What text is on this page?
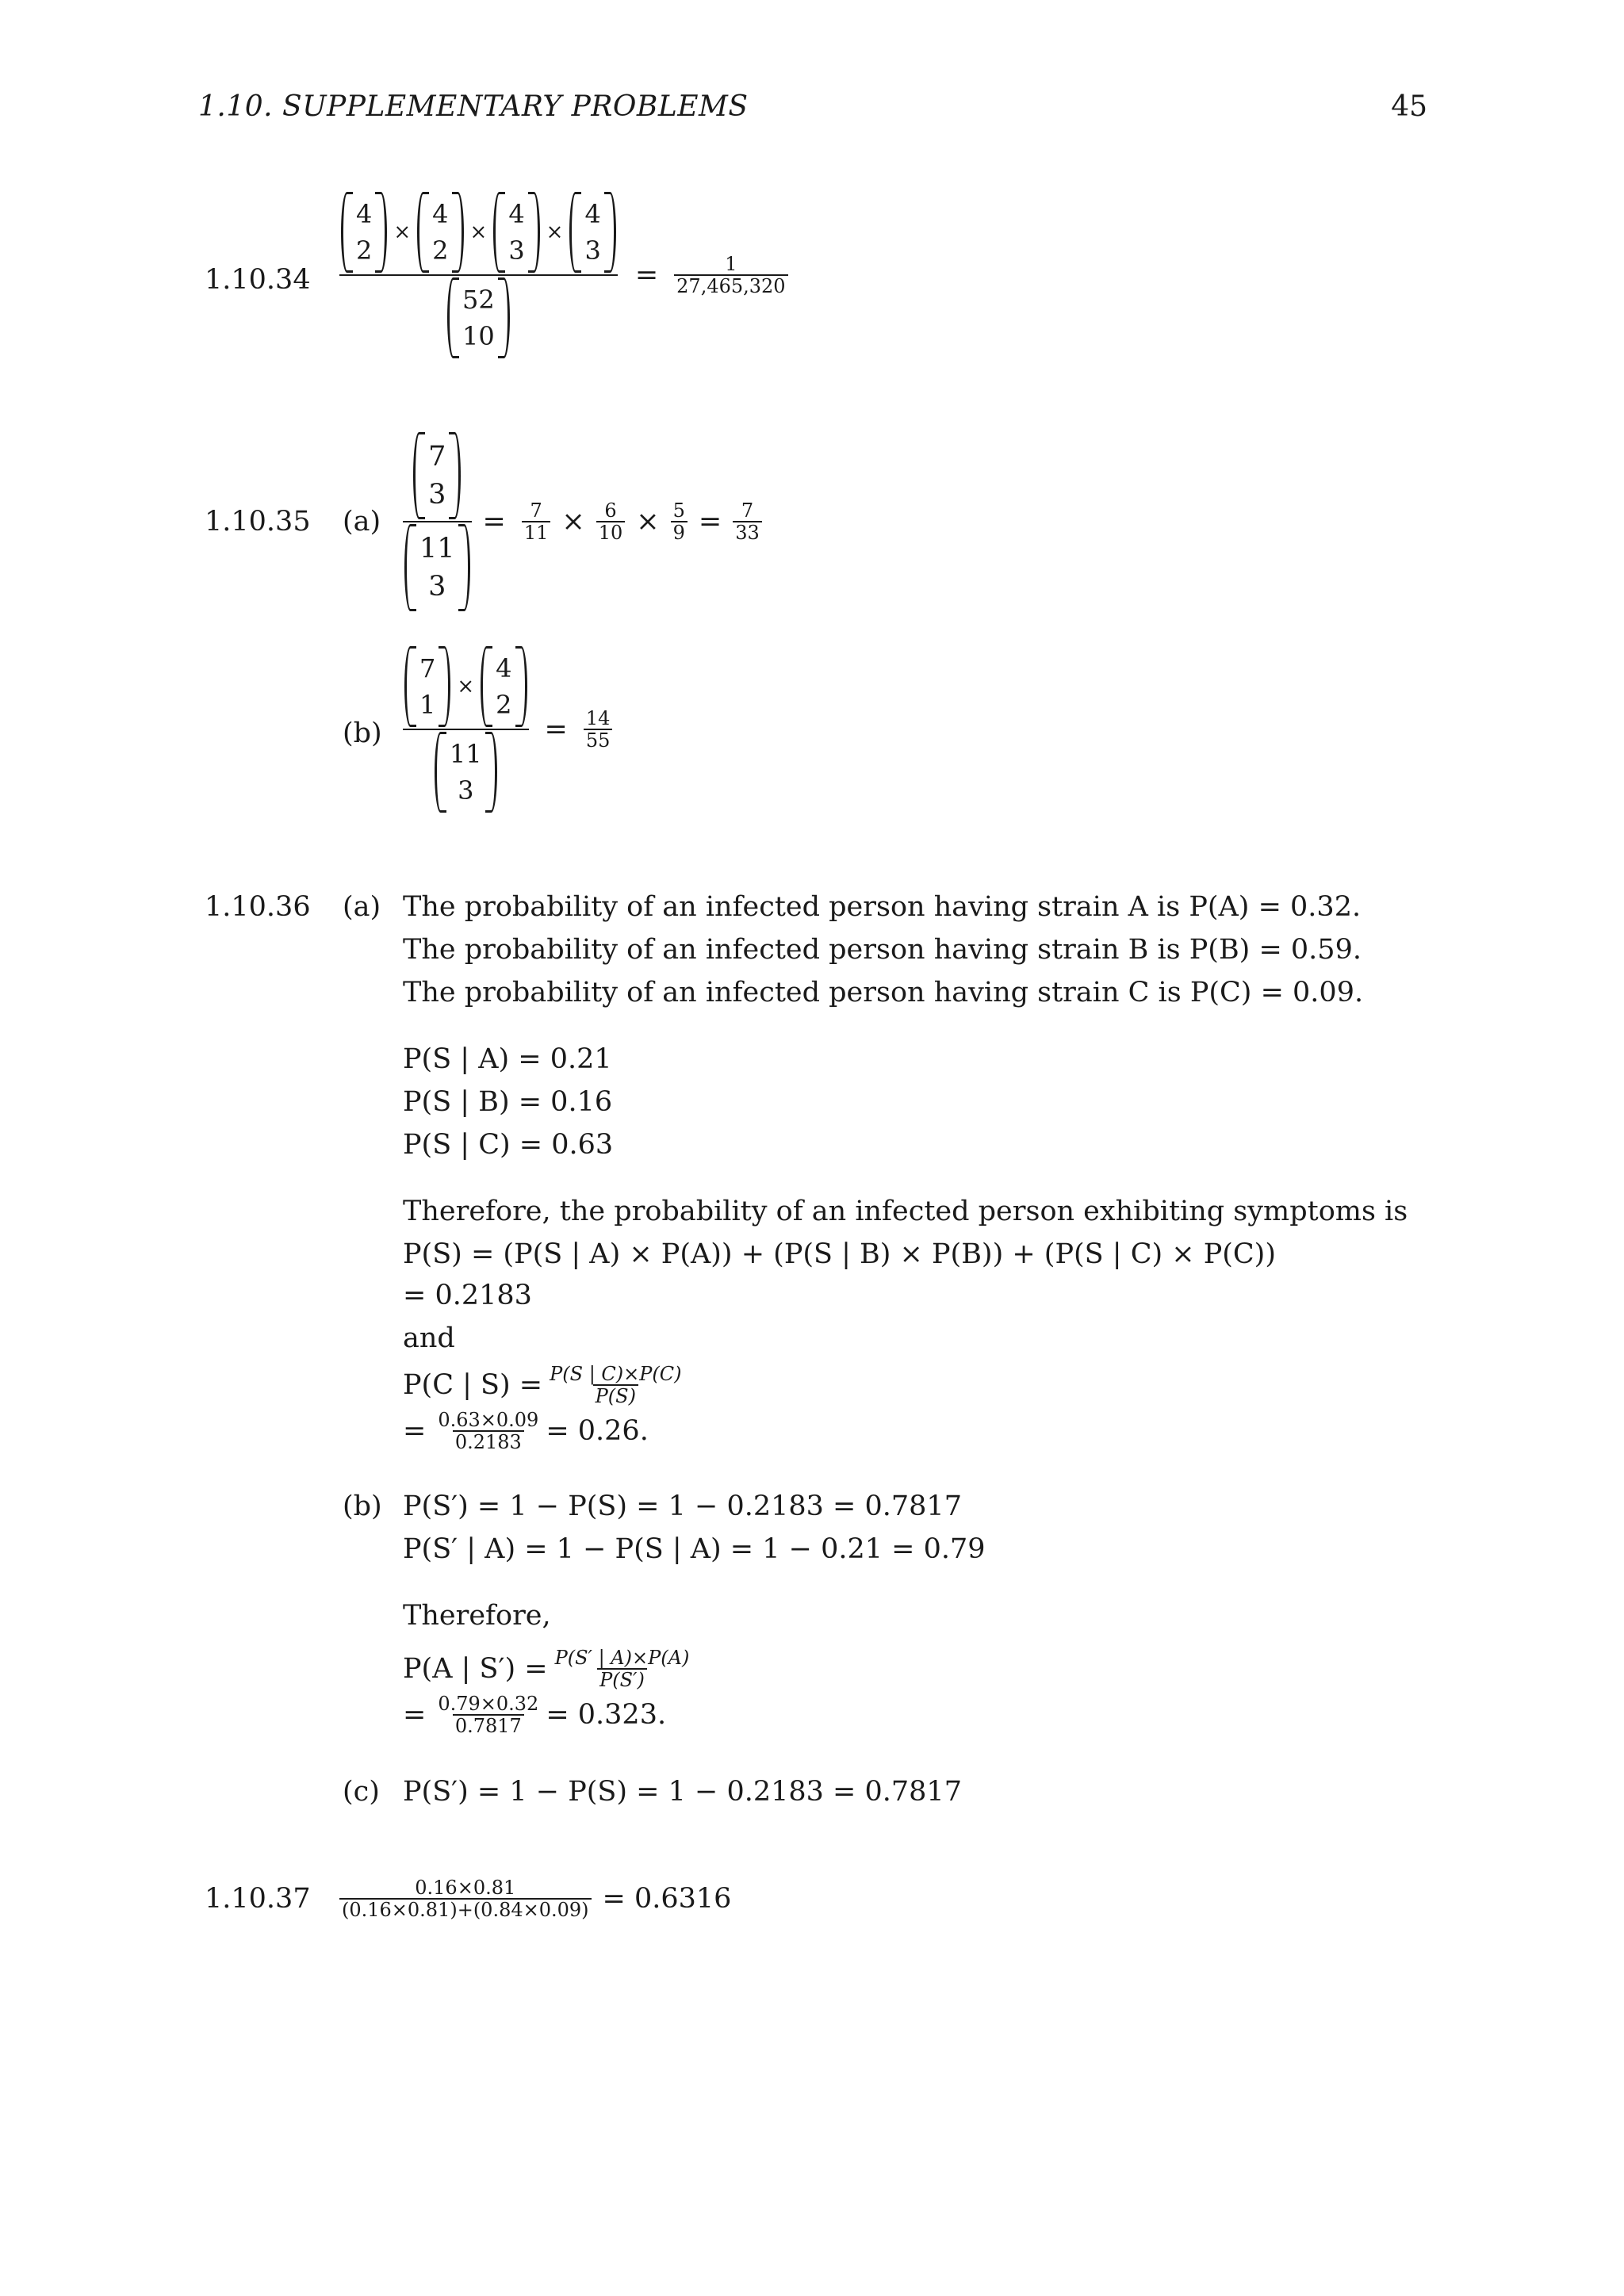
1.10. SUPPLEMENTARY PROBLEMS	45
1.10.34
4
2
×
4
2
×
4
3
×
4
3
52
10
= $\frac{1}{27,465,320}$
1.10.35 (a) 7
3
11
$3 = \frac{7}{11} \times \frac{6}{10} \times \frac{5}{9} = \frac{7}{33}$
(b) 7
1
×
4
2
11
$3 = \frac{14}{55}$
1.10.36 (a) The probability of an infected person having strain A is P(A) = 0.32.
The probability of an infected person having strain B is P(B) = 0.59.
The probability of an infected person having strain C is P(C) = 0.09.
P(S | A) = 0.21
P(S | B) = 0.16
P(S | C) = 0.63
Therefore, the probability of an infected person exhibiting symptoms is
P(S) = (P(S | A) × P(A)) + (P(S | B) × P(B)) + (P(S | C) × P(C))
= 0.2183
and
P(C | $S) = \frac{P(S | C)\times P(C)}{P(S)}$
= $\frac{0.63\times 0.09}{0.2183} = 0.26$.
(b) P(S′) = 1 − P(S) = 1 − 0.2183 = 0.7817
P(S′ | A) = 1 − P(S | A) = 1 − 0.21 = 0.79
Therefore,
P(A | $S') = \frac{P(S' | A)\times P(A)}{P(S')}$
= $\frac{0.79\times 0.32}{0.7817} = 0.323$.
(c) P(S′) = 1 − P(S) = 1 − 0.2183 = 0.7817
$1.10.37 \frac{0.16\times 0.81}{(0.16\times 0.81)+(0.84\times 0.09)} = 0.6316$
